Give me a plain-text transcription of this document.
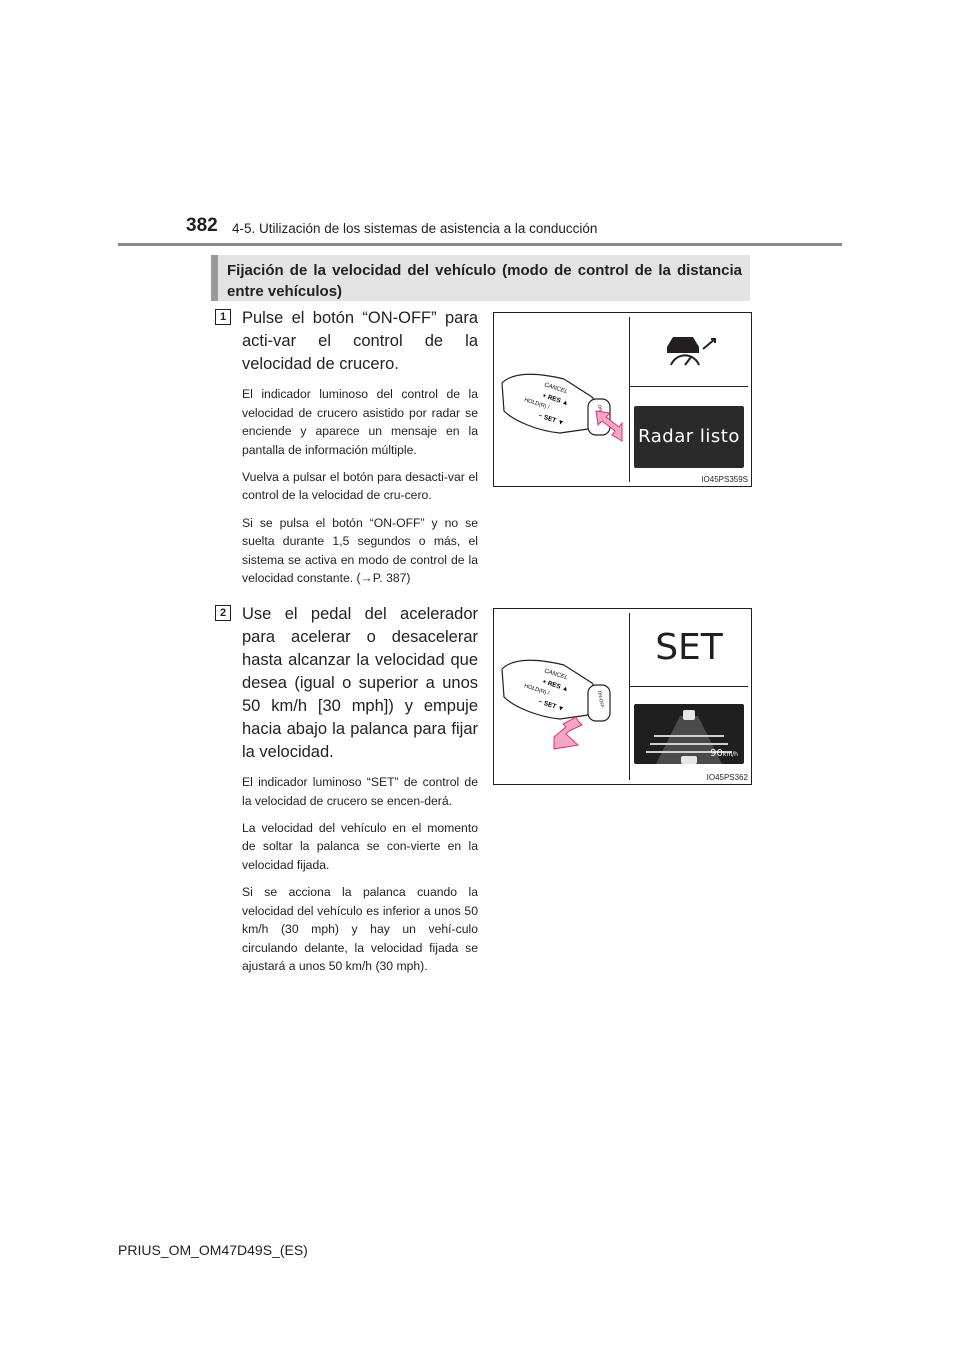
382 4-5. Utilización de los sistemas de asistencia a la conducción
Fijación de la velocidad del vehículo (modo de control de la distancia entre vehículos)
1 Pulse el botón “ON-OFF” para acti-var el control de la velocidad de crucero.

El indicador luminoso del control de la velocidad de crucero asistido por radar se enciende y aparece un mensaje en la pantalla de información múltiple.

Vuelva a pulsar el botón para desacti-var el control de la velocidad de cru-cero.

Si se pulsa el botón “ON-OFF” y no se suelta durante 1,5 segundos o más, el sistema se activa en modo de control de la velocidad constante. (→P. 387)

CANCEL
+ RES ▲
HOLD(R) /
− SET ▼
Radar listo
IO45PS359S
2 Use el pedal del acelerador para acelerar o desacelerar hasta alcanzar la velocidad que desea (igual o superior a unos 50 km/h [30 mph]) y empuje hacia abajo la palanca para fijar la velocidad.

El indicador luminoso “SET” de control de la velocidad de crucero se encen-derá.

La velocidad del vehículo en el momento de soltar la palanca se con-vierte en la velocidad fijada.

Si se acciona la palanca cuando la velocidad del vehículo es inferior a unos 50 km/h (30 mph) y hay un vehí-culo circulando delante, la velocidad fijada se ajustará a unos 50 km/h (30 mph).

CANCEL
+ RES ▲
HOLD(R) /
− SET ▼	ON-OFF
SET
90km/h
IO45PS362
PRIUS_OM_OM47D49S_(ES)
